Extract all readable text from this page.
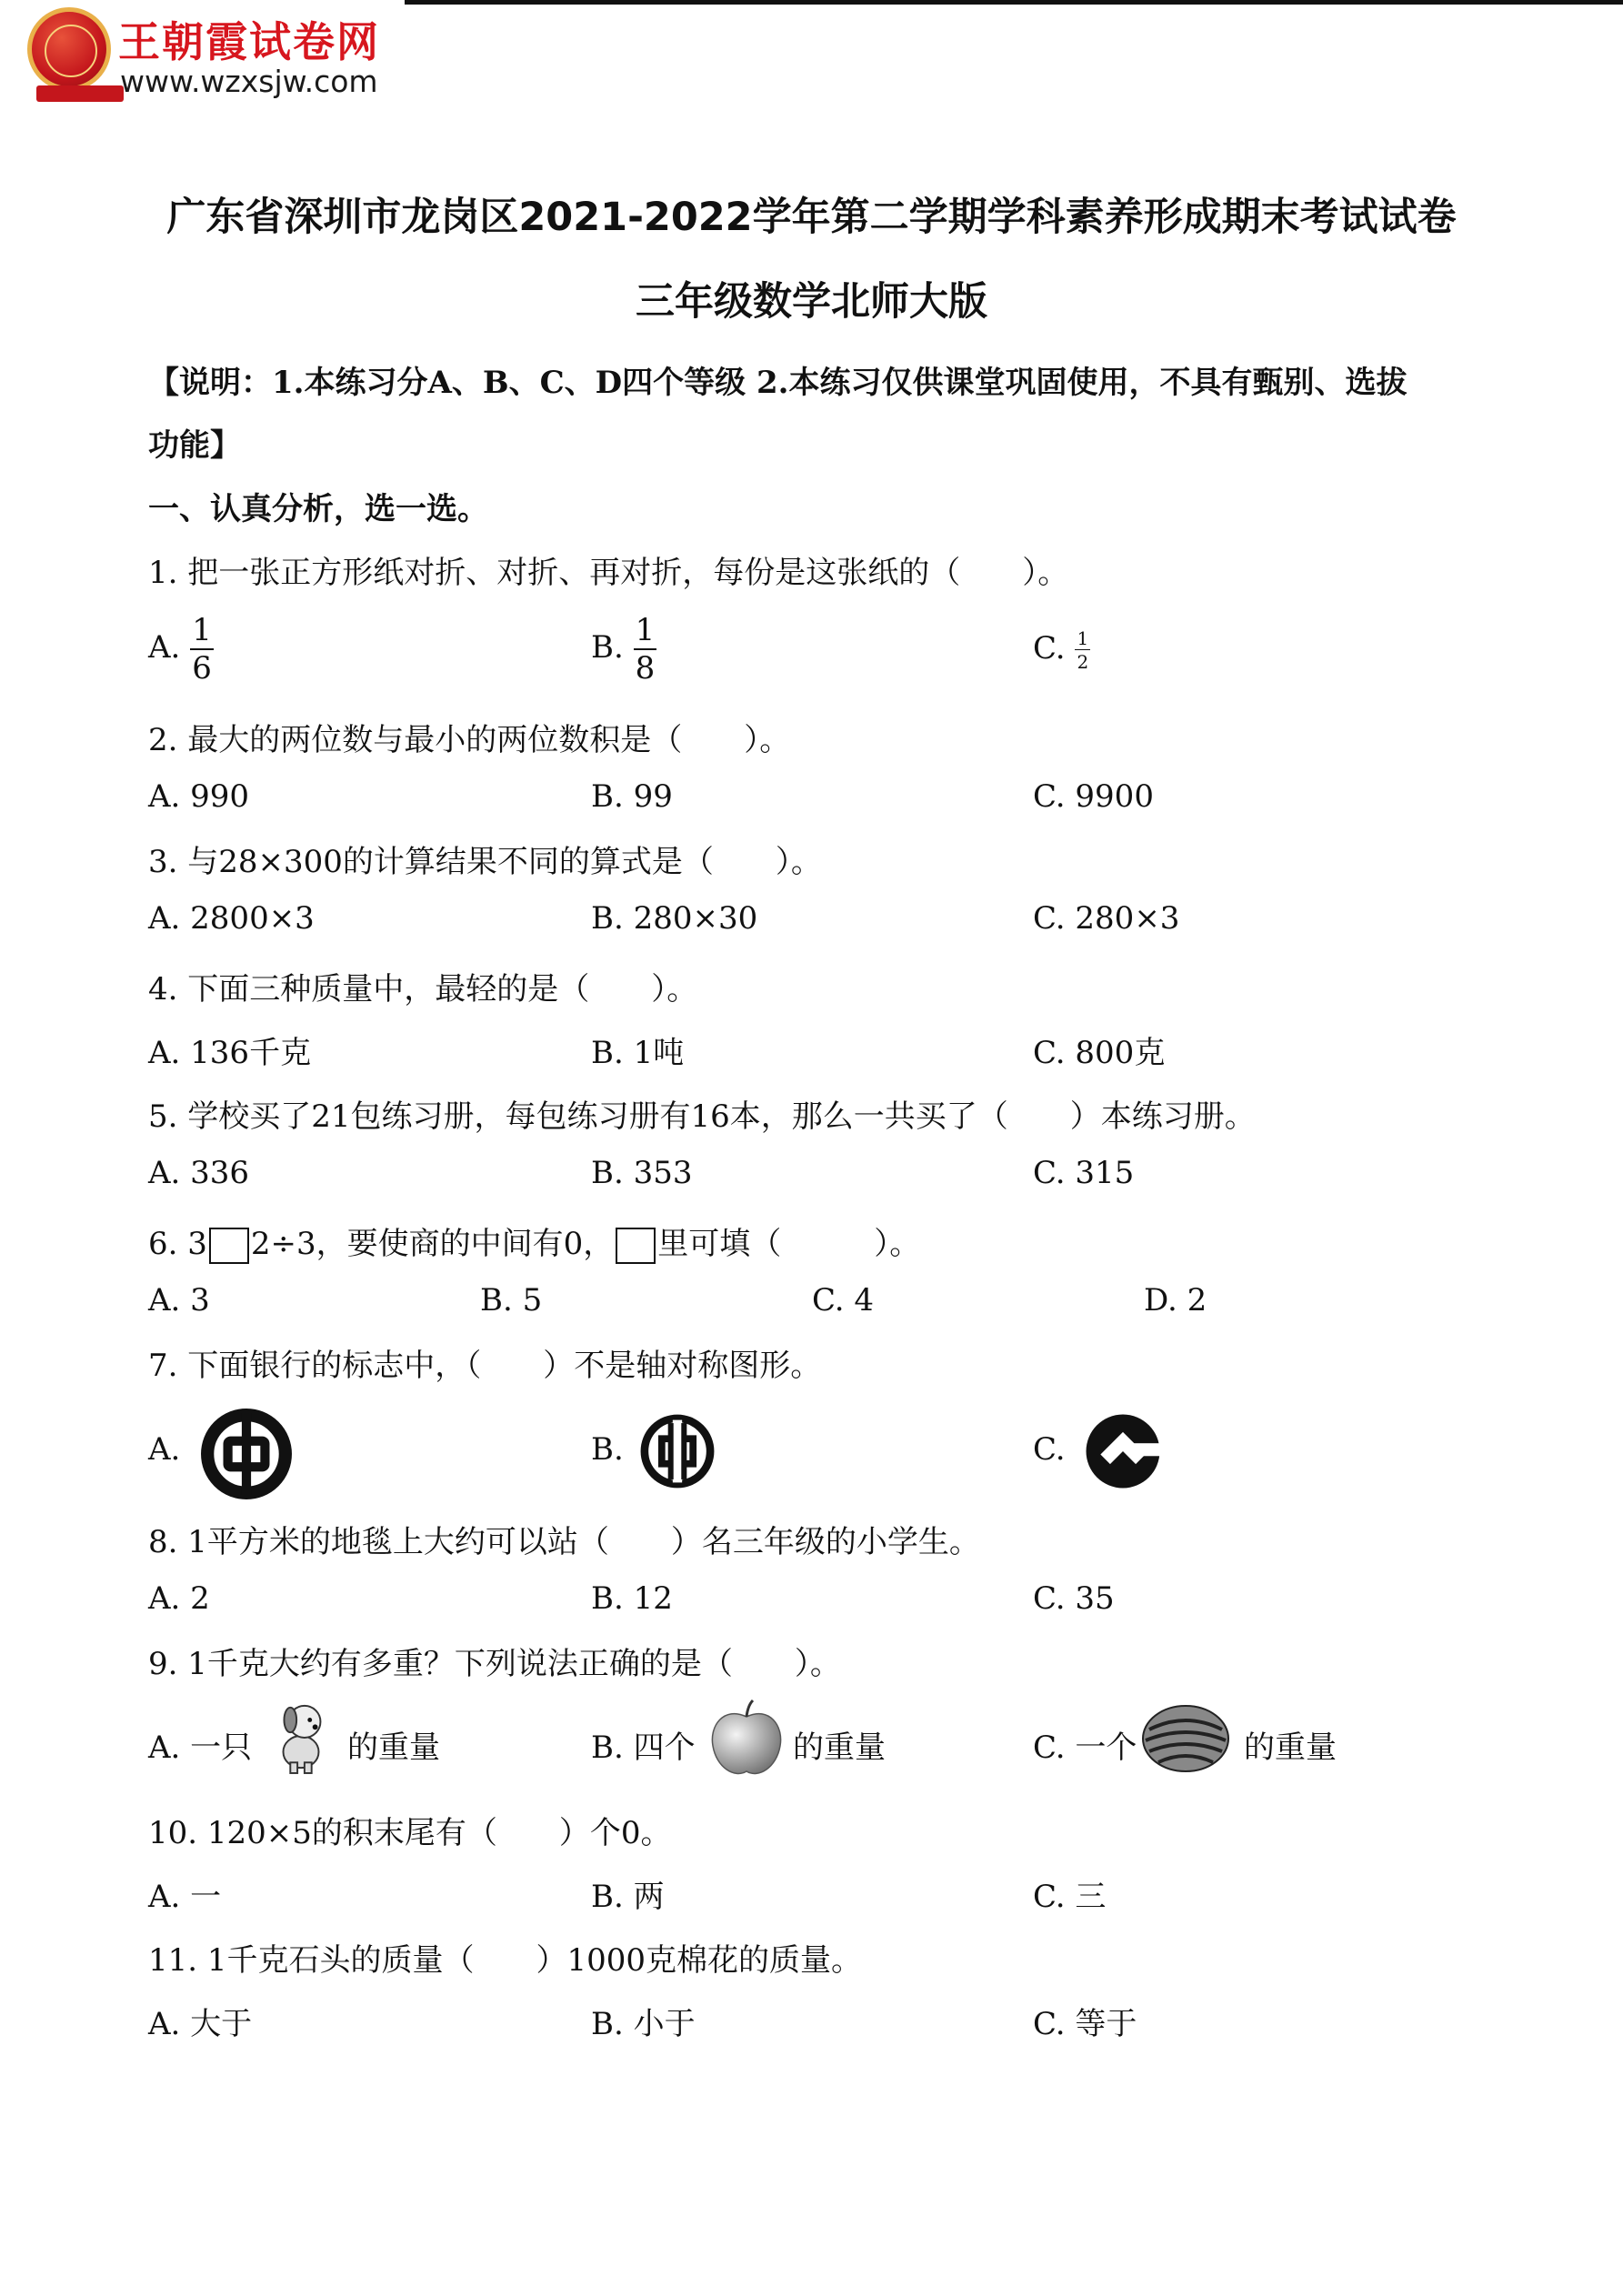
王朝霞试卷网
www.wzxsjw.com
广东省深圳市龙岗区2021-2022学年第二学期学科素养形成期末考试试卷
三年级数学北师大版
【说明：1.本练习分A、B、C、D四个等级 2.本练习仅供课堂巩固使用，不具有甄别、选拔
功能】
一、认真分析，选一选。
1. 把一张正方形纸对折、对折、再对折，每份是这张纸的（　　）。
A. $\frac{1}{6}$	B. $\frac{1}{8}$	C. $\frac{1}{2}$
2. 最大的两位数与最小的两位数积是（　　）。
A. 990	B. 99	C. 9900
3. 与28×300的计算结果不同的算式是（　　）。
A. 2800×3	B. 280×30	C. 280×3
4. 下面三种质量中，最轻的是（　　）。
A. 136千克	B. 1吨	C. 800克
5. 学校买了21包练习册，每包练习册有16本，那么一共买了（　　）本练习册。
A. 336	B. 353	C. 315
6. 3 2÷3，要使商的中间有0， 里可填（　　　）。
A. 3	B. 5	C. 4	D. 2
7. 下面银行的标志中，（　　）不是轴对称图形。
A.	B.	C.
8. 1平方米的地毯上大约可以站（　　）名三年级的小学生。
A. 2	B. 12	C. 35
9. 1千克大约有多重？下列说法正确的是（　　）。
A. 一只	的重量	B. 四个	的重量	C. 一个	的重量
10. 120×5的积末尾有（　　）个0。
A. 一	B. 两	C. 三
11. 1千克石头的质量（　　）1000克棉花的质量。
A. 大于	B. 小于	C. 等于
